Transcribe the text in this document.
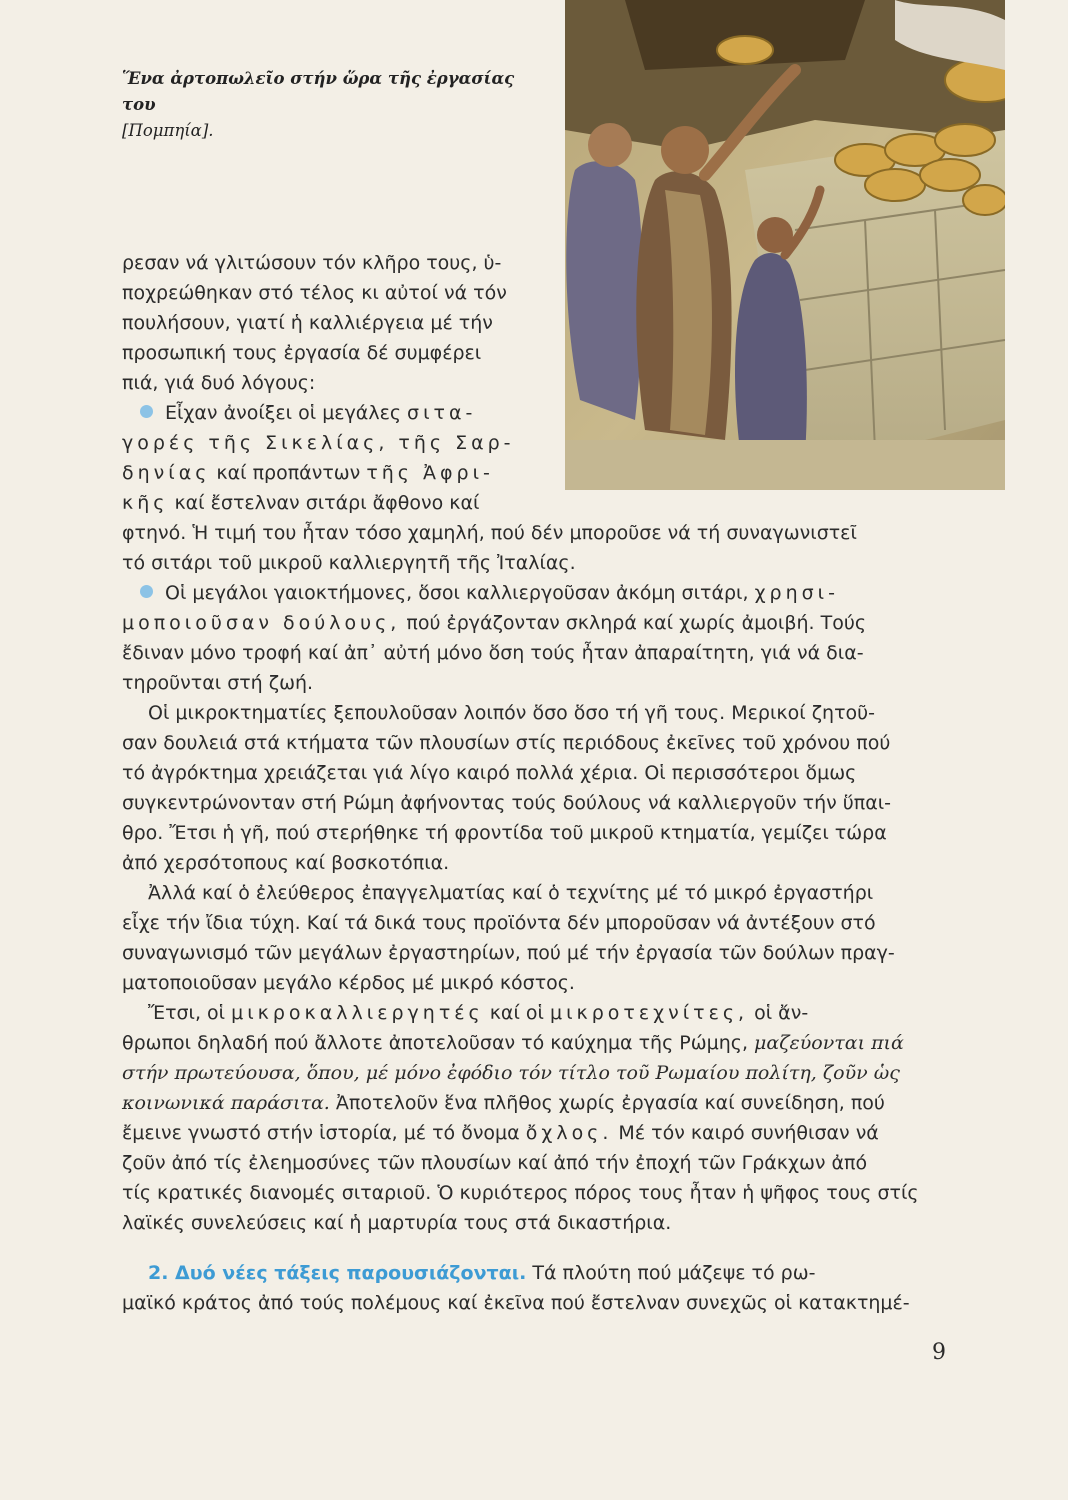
Ἕνα ἀρτοπωλεῖο στήν ὥρα τῆς ἐργασίας του
[Πομπηία].
ρεσαν νά γλιτώσουν τόν κλῆρο τους, ὑ-
ποχρεώθηκαν στό τέλος κι αὐτοί νά τόν
πουλήσουν, γιατί ἡ καλλιέργεια μέ τήν
προσωπική τους ἐργασία δέ συμφέρει
πιά, γιά δυό λόγους:
Εἶχαν ἀνοίξει οἱ μεγάλες σιτα-
γορές τῆς Σικελίας, τῆς Σαρ-
δηνίας καί προπάντων τῆς Ἀφρι-
κῆς καί ἔστελναν σιτάρι ἄφθονο καί
φτηνό. Ἡ τιμή του ἦταν τόσο χαμηλή, πού δέν μποροῦσε νά τή συναγωνιστεῖ
τό σιτάρι τοῦ μικροῦ καλλιεργητῆ τῆς Ἰταλίας.
Οἱ μεγάλοι γαιοκτήμονες, ὅσοι καλλιεργοῦσαν ἀκόμη σιτάρι, χρησι-
μοποιοῦσαν δούλους, πού ἐργάζονταν σκληρά καί χωρίς ἀμοιβή. Τούς
ἔδιναν μόνο τροφή καί ἀπ᾿ αὐτή μόνο ὅση τούς ἦταν ἀπαραίτητη, γιά νά δια-
τηροῦνται στή ζωή.
Οἱ μικροκτηματίες ξεπουλοῦσαν λοιπόν ὅσο ὅσο τή γῆ τους. Μερικοί ζητοῦ-
σαν δουλειά στά κτήματα τῶν πλουσίων στίς περιόδους ἐκεῖνες τοῦ χρόνου πού
τό ἀγρόκτημα χρειάζεται γιά λίγο καιρό πολλά χέρια. Οἱ περισσότεροι ὅμως
συγκεντρώνονταν στή Ρώμη ἀφήνοντας τούς δούλους νά καλλιεργοῦν τήν ὕπαι-
θρο. Ἔτσι ἡ γῆ, πού στερήθηκε τή φροντίδα τοῦ μικροῦ κτηματία, γεμίζει τώρα
ἀπό χερσότοπους καί βοσκοτόπια.
Ἀλλά καί ὁ ἐλεύθερος ἐπαγγελματίας καί ὁ τεχνίτης μέ τό μικρό ἐργαστήρι
εἶχε τήν ἴδια τύχη. Καί τά δικά τους προϊόντα δέν μποροῦσαν νά ἀντέξουν στό
συναγωνισμό τῶν μεγάλων ἐργαστηρίων, πού μέ τήν ἐργασία τῶν δούλων πραγ-
ματοποιοῦσαν μεγάλο κέρδος μέ μικρό κόστος.
Ἔτσι, οἱ μικροκαλλιεργητές καί οἱ μικροτεχνίτες, οἱ ἄν-
θρωποι δηλαδή πού ἄλλοτε ἀποτελοῦσαν τό καύχημα τῆς Ρώμης, μαζεύονται πιά
στήν πρωτεύουσα, ὅπου, μέ μόνο ἐφόδιο τόν τίτλο τοῦ Ρωμαίου πολίτη, ζοῦν ὡς
κοινωνικά παράσιτα. Ἀποτελοῦν ἕνα πλῆθος χωρίς ἐργασία καί συνείδηση, πού
ἔμεινε γνωστό στήν ἱστορία, μέ τό ὄνομα ὄχλος. Μέ τόν καιρό συνήθισαν νά
ζοῦν ἀπό τίς ἐλεημοσύνες τῶν πλουσίων καί ἀπό τήν ἐποχή τῶν Γράκχων ἀπό
τίς κρατικές διανομές σιταριοῦ. Ὁ κυριότερος πόρος τους ἦταν ἡ ψῆφος τους στίς
λαϊκές συνελεύσεις καί ἡ μαρτυρία τους στά δικαστήρια.
2. Δυό νέες τάξεις παρουσιάζονται. Τά πλούτη πού μάζεψε τό ρω-
μαϊκό κράτος ἀπό τούς πολέμους καί ἐκεῖνα πού ἔστελναν συνεχῶς οἱ κατακτημέ-
9
